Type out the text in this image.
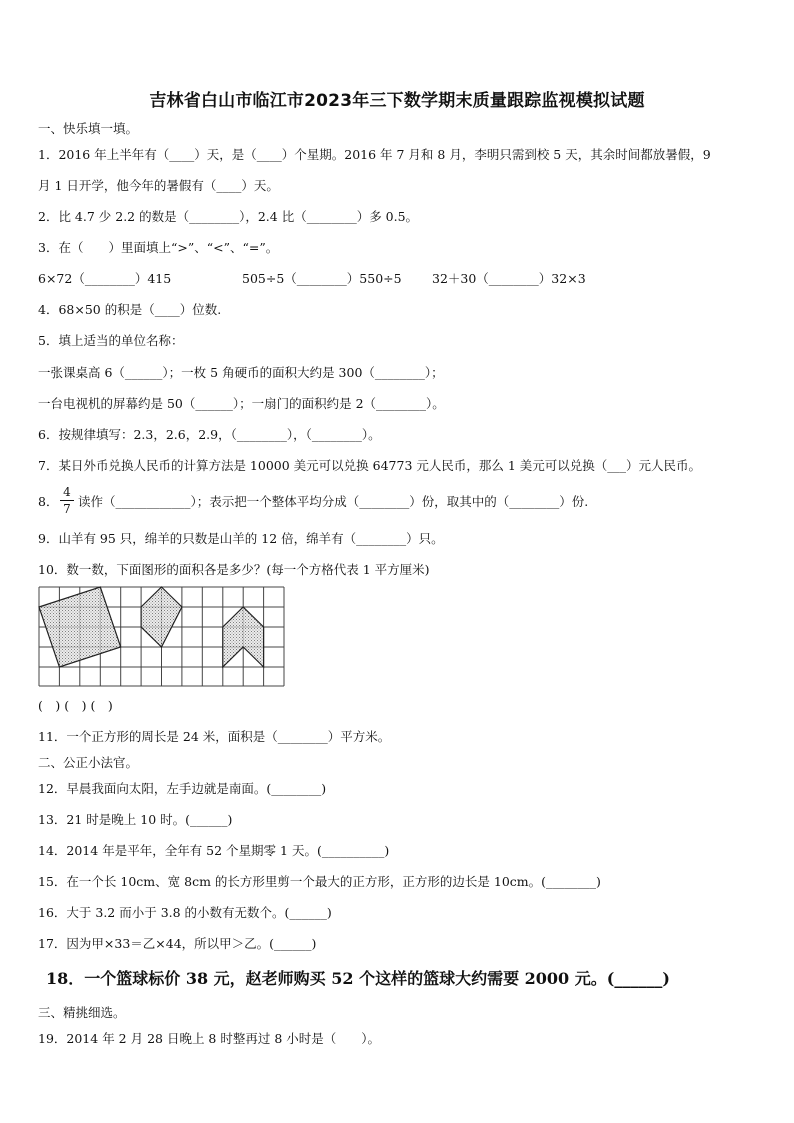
吉林省白山市临江市2023年三下数学期末质量跟踪监视模拟试题
一、快乐填一填。
1．2016 年上半年有（____）天，是（____）个星期。2016 年 7 月和 8 月，李明只需到校 5 天，其余时间都放暑假，9
月 1 日开学，他今年的暑假有（____）天。
2．比 4.7 少 2.2 的数是（________），2.4 比（________）多 0.5。
3．在（　　）里面填上“>”、“<”、“=”。
6×72（________）415	505÷5（________）550÷5 32＋30（________）32×3
4．68×50 的积是（____）位数.
5．填上适当的单位名称：
一张课桌高 6（______）；一枚 5 角硬币的面积大约是 300（________）；
一台电视机的屏幕约是 50（______）；一扇门的面积约是 2（________）。
6．按规律填写：2.3，2.6，2.9，（________），（________）。
7．某日外币兑换人民币的计算方法是 10000 美元可以兑换 64773 元人民币，那么 1 美元可以兑换（___）元人民币。
8．
4
7 读作（____________）；表示把一个整体平均分成（________）份，取其中的（________）份.
9．山羊有 95 只，绵羊的只数是山羊的 12 倍，绵羊有（________）只。
10．数一数，下面图形的面积各是多少？(每一个方格代表 1 平方厘米)
(　) (　) (　)
11．一个正方形的周长是 24 米，面积是（________）平方米。
二、公正小法官。
12．早晨我面向太阳，左手边就是南面。(________)
13．21 时是晚上 10 时。(______)
14．2014 年是平年，全年有 52 个星期零 1 天。(__________)
15．在一个长 10cm、宽 8cm 的长方形里剪一个最大的正方形，正方形的边长是 10cm。(________)
16．大于 3.2 而小于 3.8 的小数有无数个。(______)
17．因为甲×33＝乙×44，所以甲＞乙。(______)
18．一个篮球标价 38 元，赵老师购买 52 个这样的篮球大约需要 2000 元。(______)
三、精挑细选。
19．2014 年 2 月 28 日晚上 8 时整再过 8 小时是（　　）。
